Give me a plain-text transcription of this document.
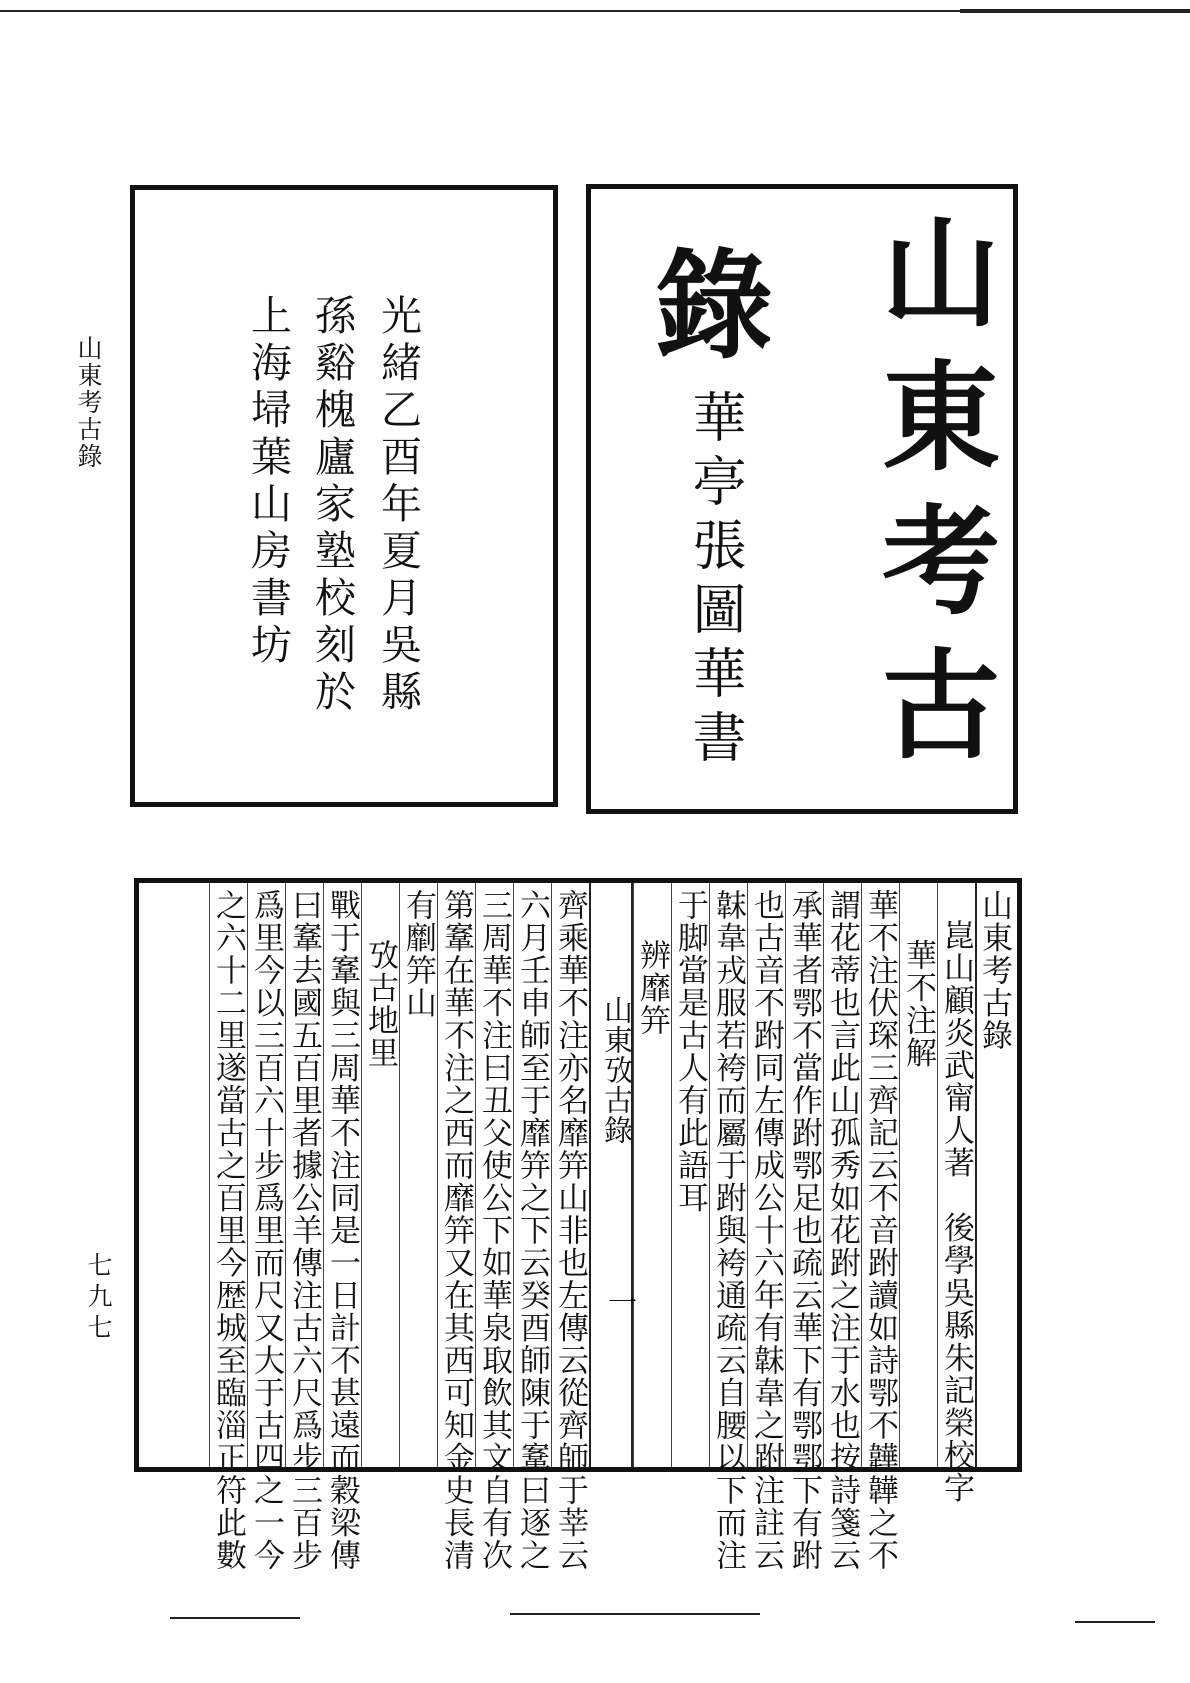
山東考古錄
七九七
光緒乙酉年夏月吳縣
孫谿槐廬家塾校刻於
上海埽葉山房書坊	山東考古
錄
華亭張圖華書
山東考古錄
崑山顧炎武甯人著　後學吳縣朱記榮校字
華不注解
華不注伏琛三齊記云不音跗讀如詩鄂不韡韡之不
謂花蒂也言此山孤秀如花跗之注于水也按詩箋云
承華者鄂不當作跗鄂足也疏云華下有鄂鄂下有跗
也古音不跗同左傳成公十六年有韎韋之跗注註云
韎韋戎服若袴而屬于跗與袴通疏云自腰以下而注
于脚當是古人有此語耳
辨靡笄
山東攷古錄
一
齊乘華不注亦名靡笄山非也左傳云從齊師于莘云
六月壬申師至于靡笄之下云癸酉師陳于鞌曰逐之
三周華不注曰丑父使公下如華泉取飲其文自有次
第鞌在華不注之西而靡笄又在其西可知金史長清
有劘笄山
攷古地里
戰于鞌與三周華不注同是一日計不甚遠而穀梁傳
曰鞌去國五百里者據公羊傳注古六尺爲步三百步
爲里今以三百六十步爲里而尺又大于古四之一今
之六十二里遂當古之百里今歴城至臨淄正符此數
